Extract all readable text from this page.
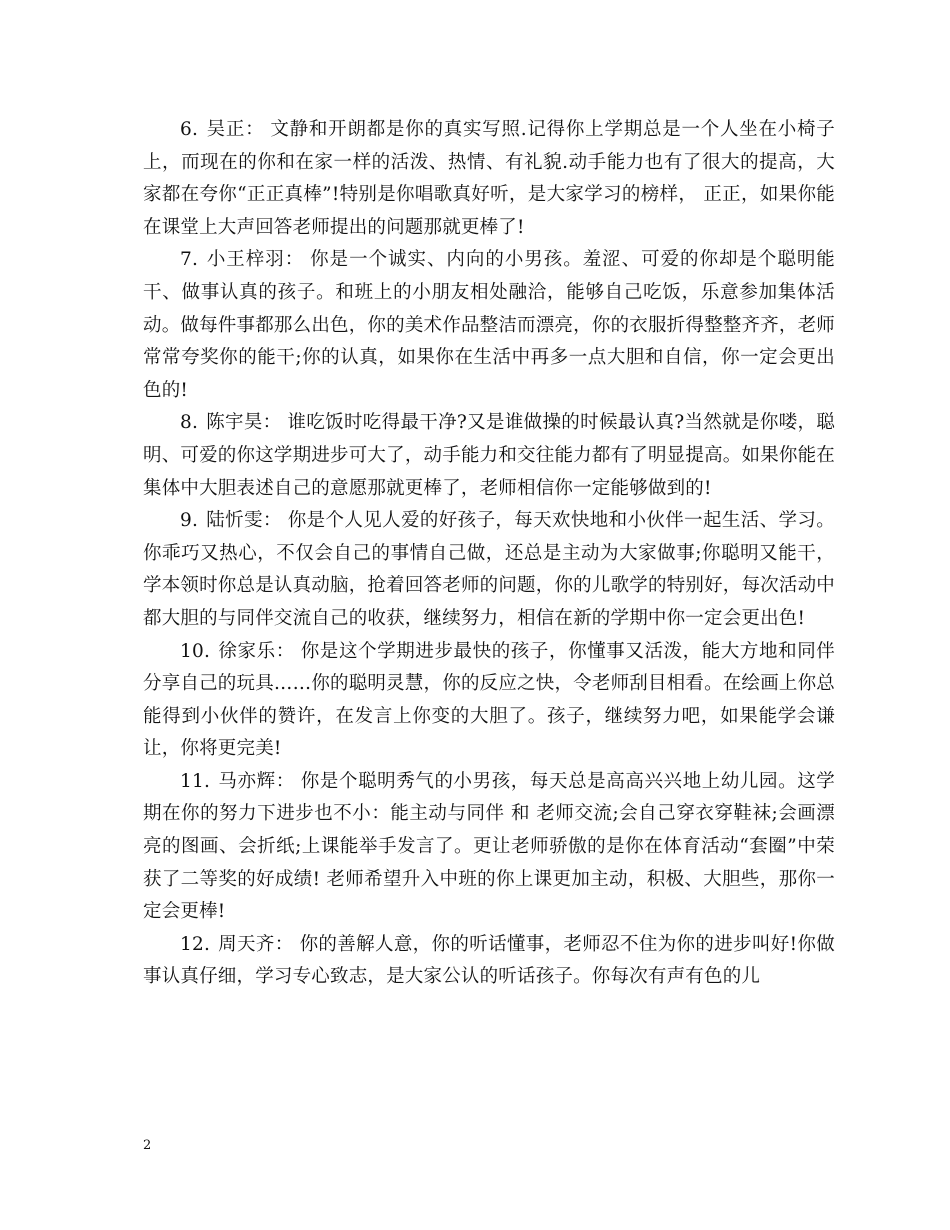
6. 吴正： 文静和开朗都是你的真实写照.记得你上学期总是一个人坐在小椅子上，而现在的你和在家一样的活泼、热情、有礼貌.动手能力也有了很大的提高，大家都在夸你“正正真棒”!特别是你唱歌真好听，是大家学习的榜样， 正正，如果你能在课堂上大声回答老师提出的问题那就更棒了!

7. 小王梓羽： 你是一个诚实、内向的小男孩。羞涩、可爱的你却是个聪明能干、做事认真的孩子。和班上的小朋友相处融洽，能够自己吃饭，乐意参加集体活动。做每件事都那么出色，你的美术作品整洁而漂亮，你的衣服折得整整齐齐，老师常常夸奖你的能干;你的认真，如果你在生活中再多一点大胆和自信，你一定会更出色的!

8. 陈宇昊： 谁吃饭时吃得最干净?又是谁做操的时候最认真?当然就是你喽，聪明、可爱的你这学期进步可大了，动手能力和交往能力都有了明显提高。如果你能在集体中大胆表述自己的意愿那就更棒了，老师相信你一定能够做到的!

9. 陆忻雯： 你是个人见人爱的好孩子，每天欢快地和小伙伴一起生活、学习。你乖巧又热心，不仅会自己的事情自己做，还总是主动为大家做事;你聪明又能干，学本领时你总是认真动脑，抢着回答老师的问题，你的儿歌学的特别好，每次活动中都大胆的与同伴交流自己的收获，继续努力，相信在新的学期中你一定会更出色!

10. 徐家乐： 你是这个学期进步最快的孩子，你懂事又活泼，能大方地和同伴分享自己的玩具……你的聪明灵慧，你的反应之快，令老师刮目相看。在绘画上你总能得到小伙伴的赞许，在发言上你变的大胆了。孩子，继续努力吧，如果能学会谦让，你将更完美!

11. 马亦辉： 你是个聪明秀气的小男孩，每天总是高高兴兴地上幼儿园。这学期在你的努力下进步也不小：能主动与同伴 和 老师交流;会自己穿衣穿鞋袜;会画漂亮的图画、会折纸;上课能举手发言了。更让老师骄傲的是你在体育活动“套圈”中荣获了二等奖的好成绩! 老师希望升入中班的你上课更加主动，积极、大胆些，那你一定会更棒!

12. 周天齐： 你的善解人意，你的听话懂事，老师忍不住为你的进步叫好!你做事认真仔细，学习专心致志，是大家公认的听话孩子。你每次有声有色的儿

2
